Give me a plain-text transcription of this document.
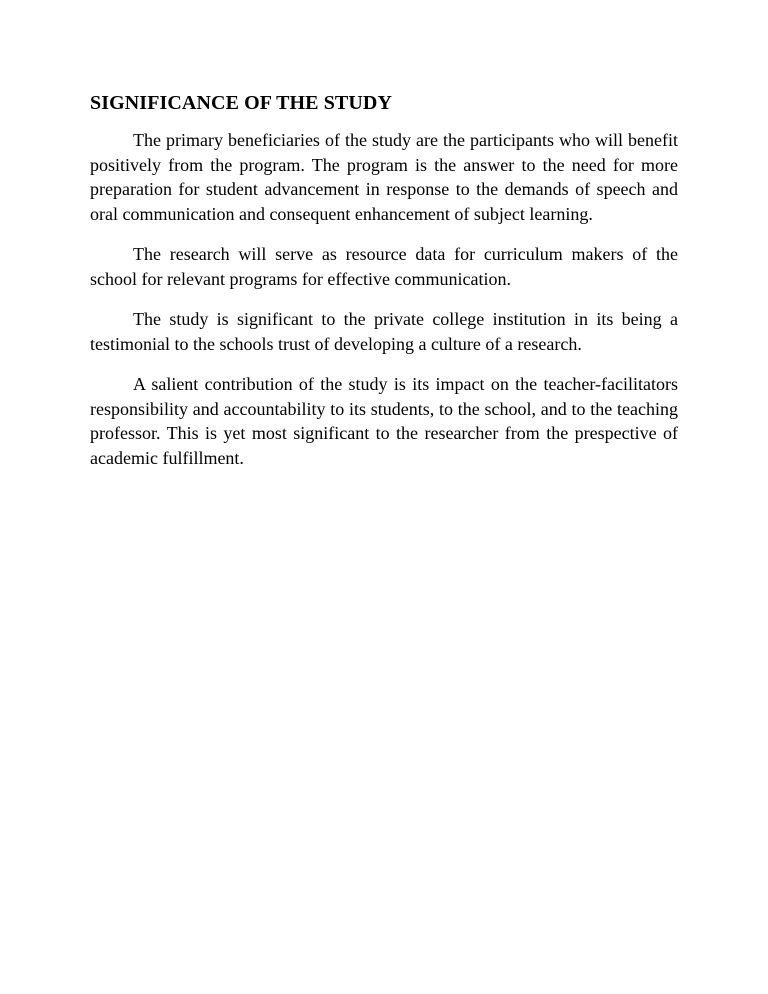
SIGNIFICANCE OF THE STUDY

The primary beneficiaries of the study are the participants who will benefit positively from the program. The program is the answer to the need for more preparation for student advancement in response to the demands of speech and oral communication and consequent enhancement of subject learning.

The research will serve as resource data for curriculum makers of the school for relevant programs for effective communication.

The study is significant to the private college institution in its being a testimonial to the schools trust of developing a culture of a research.

A salient contribution of the study is its impact on the teacher-facilitators responsibility and accountability to its students, to the school, and to the teaching professor. This is yet most significant to the researcher from the prespective of academic fulfillment.
